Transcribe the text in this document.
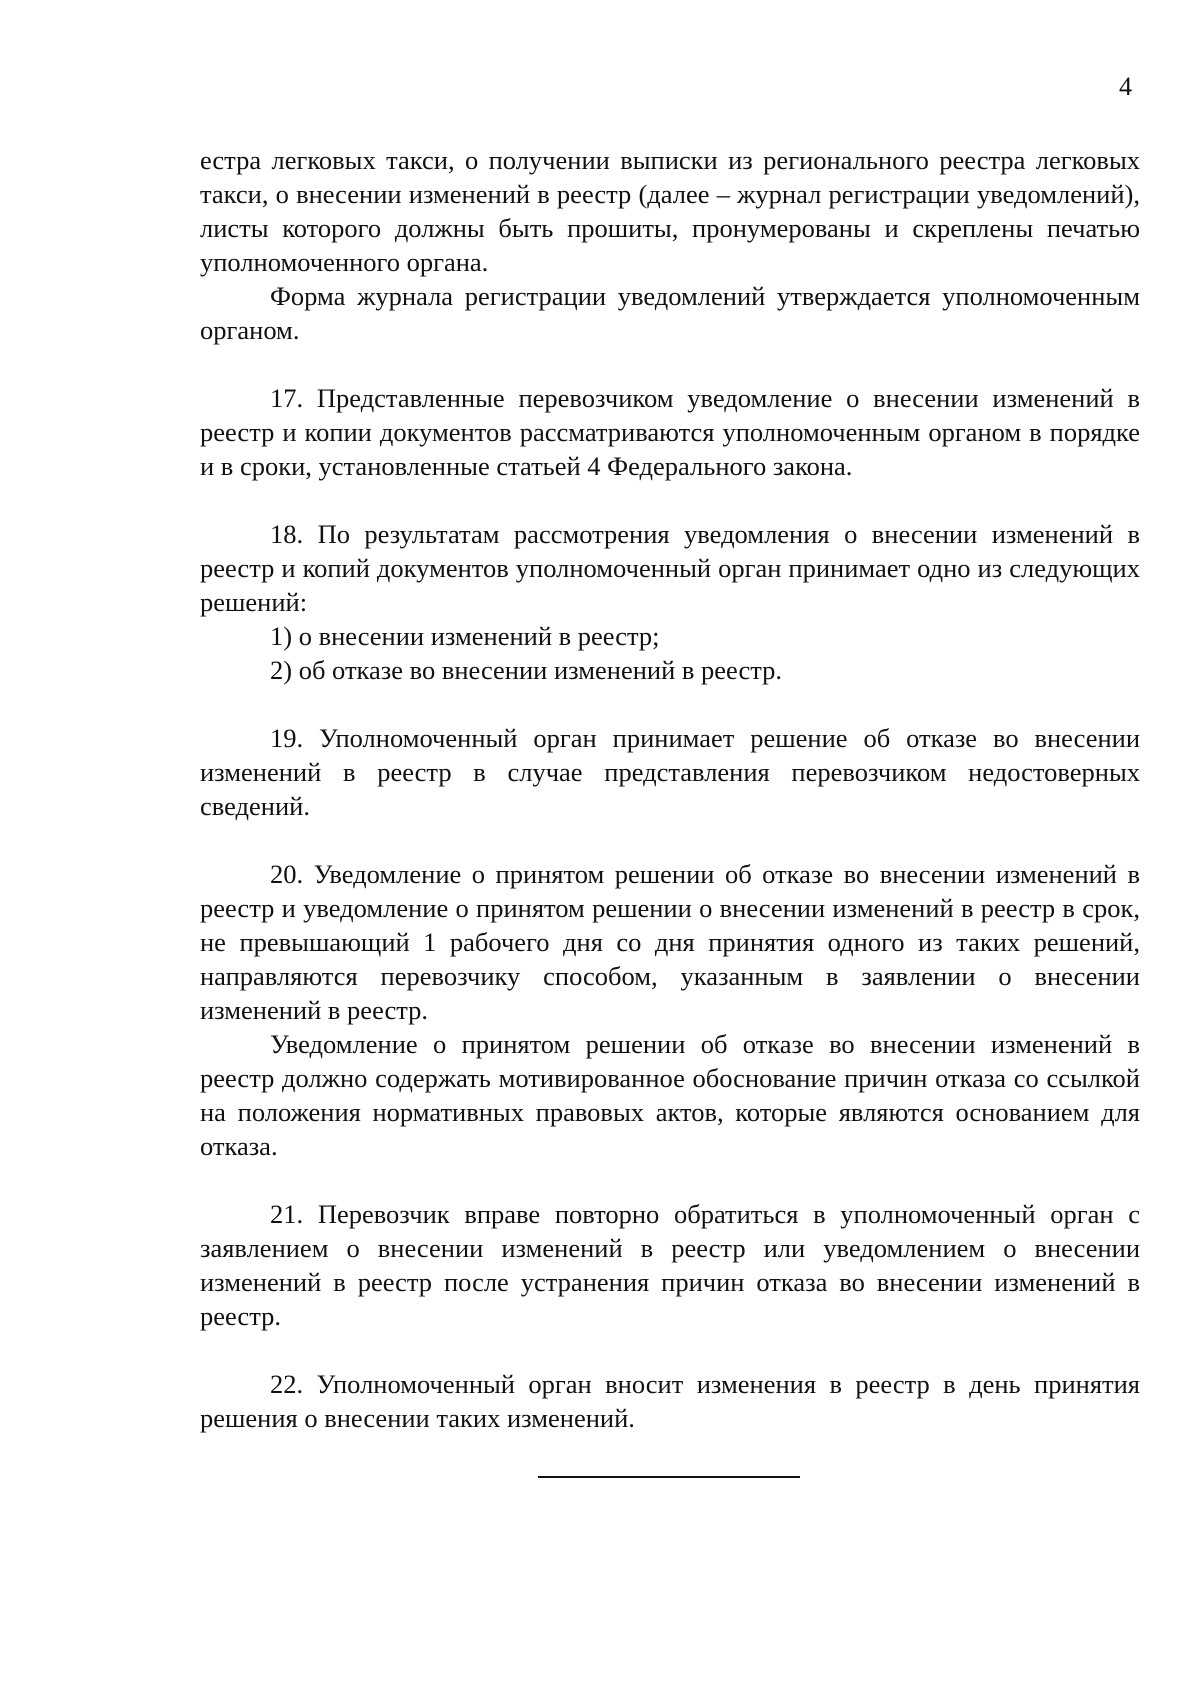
4

естра легковых такси, о получении выписки из регионального реестра легковых такси, о внесении изменений в реестр (далее – журнал регистрации уведомлений), листы которого должны быть прошиты, пронумерованы и скреплены печатью уполномоченного органа.

Форма журнала регистрации уведомлений утверждается уполномоченным органом.

17. Представленные перевозчиком уведомление о внесении изменений в реестр и копии документов рассматриваются уполномоченным органом в порядке и в сроки, установленные статьей 4 Федерального закона.

18. По результатам рассмотрения уведомления о внесении изменений в реестр и копий документов уполномоченный орган принимает одно из следующих решений:

1) о внесении изменений в реестр;

2) об отказе во внесении изменений в реестр.

19. Уполномоченный орган принимает решение об отказе во внесении изменений в реестр в случае представления перевозчиком недостоверных сведений.

20. Уведомление о принятом решении об отказе во внесении изменений в реестр и уведомление о принятом решении о внесении изменений в реестр в срок, не превышающий 1 рабочего дня со дня принятия одного из таких решений, направляются перевозчику способом, указанным в заявлении о внесении изменений в реестр.

Уведомление о принятом решении об отказе во внесении изменений в реестр должно содержать мотивированное обоснование причин отказа со ссылкой на положения нормативных правовых актов, которые являются основанием для отказа.

21. Перевозчик вправе повторно обратиться в уполномоченный орган с заявлением о внесении изменений в реестр или уведомлением о внесении изменений в реестр после устранения причин отказа во внесении изменений в реестр.

22. Уполномоченный орган вносит изменения в реестр в день принятия решения о внесении таких изменений.
